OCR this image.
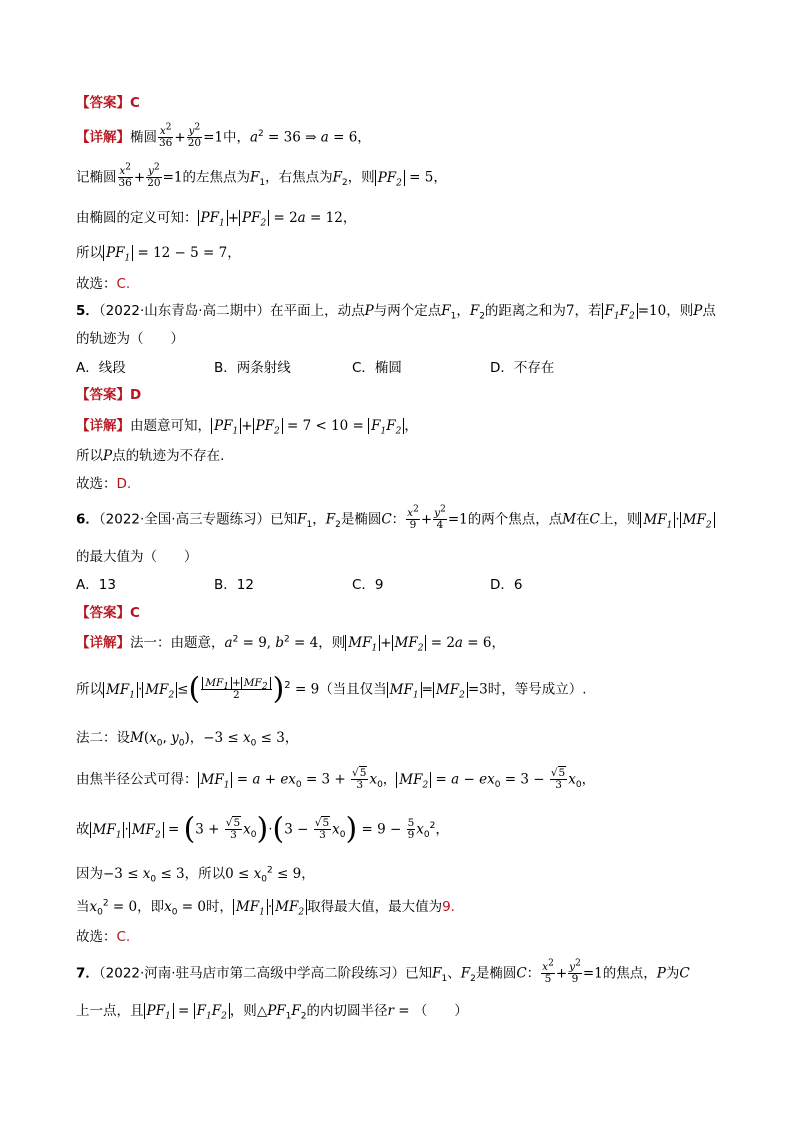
【答案】C
【详解】椭圆 $\frac{x^2}{36} + \frac{y^2}{20} =1$中，$a^2 = 36$ ⇒ a = 6，
记椭圆 $\frac{x^2}{36} + \frac{y^2}{20} =1$的左焦点为$F_1$，右焦点为$F_2$，则 $PF_2 = 5$，
由椭圆的定义可知： $PF_1 + PF_2 = 2a = 12$，
所以 $PF_1 = 12 - 5 = 7$，
故选：C.
5．（2022·山东青岛·高二期中）在平面上，动点P与两个定点$F_1$，$F_2$的距离之和为7，若 $F_1F_2 =10$，则P点
的轨迹为（　　）
A．线段	B．两条射线	C．椭圆	D．不存在
【答案】D
【详解】由题意可知， $PF_1 + PF_2 = 7 < 10 = F_1F_2$ ，
所以P点的轨迹为不存在.
故选：D.
6．（2022·全国·高三专题练习）已知$F_1$，$F_2$是椭圆C： $\frac{x^2}{9} + \frac{y^2}{4} =1$的两个焦点，点M在C上，则 $MF_1 \cdot MF_2$
的最大值为（　　）
A．13	B．12	C．9	D．6
【答案】C
【详解】法一：由题意，$a^2 = 9$, $b^2 = 4$，则 $MF_1 + MF_2 = 2a = 6$，
所以 $MF_1 \cdot MF_2$ ≤( $\frac{MF_1 + MF_2}{2} )^2 = 9$（当且仅当 $MF_1 = MF_2 =3$时，等号成立）.
法二：设$M(x_0$, $y_0$)，$-3 \le x_0 \le 3$，
由焦半径公式可得： $MF_1 = a + ex_0 = 3 + \frac{√5}{3} x_0$， $MF_2 = a - ex_0 = 3 - \frac{√5}{3} x_0$，
故 $MF_1 \cdot MF_2 = (3 + \frac{√5}{3} x_0)\cdot(3 - \frac{√5}{3} x_0) = 9 - \frac{5}{9} x_0^2$，
因为$-3 \le x_0 \le 3$，所以$0 \le x_0^2 \le 9$，
当$x_0^2 = 0$，即$x_0 = 0$时， $MF_1 \cdot MF_2$ 取得最大值，最大值为9.
故选：C.
7．（2022·河南·驻马店市第二高级中学高二阶段练习）已知$F_1$、$F_2$是椭圆C： $\frac{x^2}{5} + \frac{y^2}{9} =1$的焦点，P为C
上一点，且 $PF_1 = F_1F_2$ ，则$\triangle PF_1F_2$的内切圆半径r = （　　）
